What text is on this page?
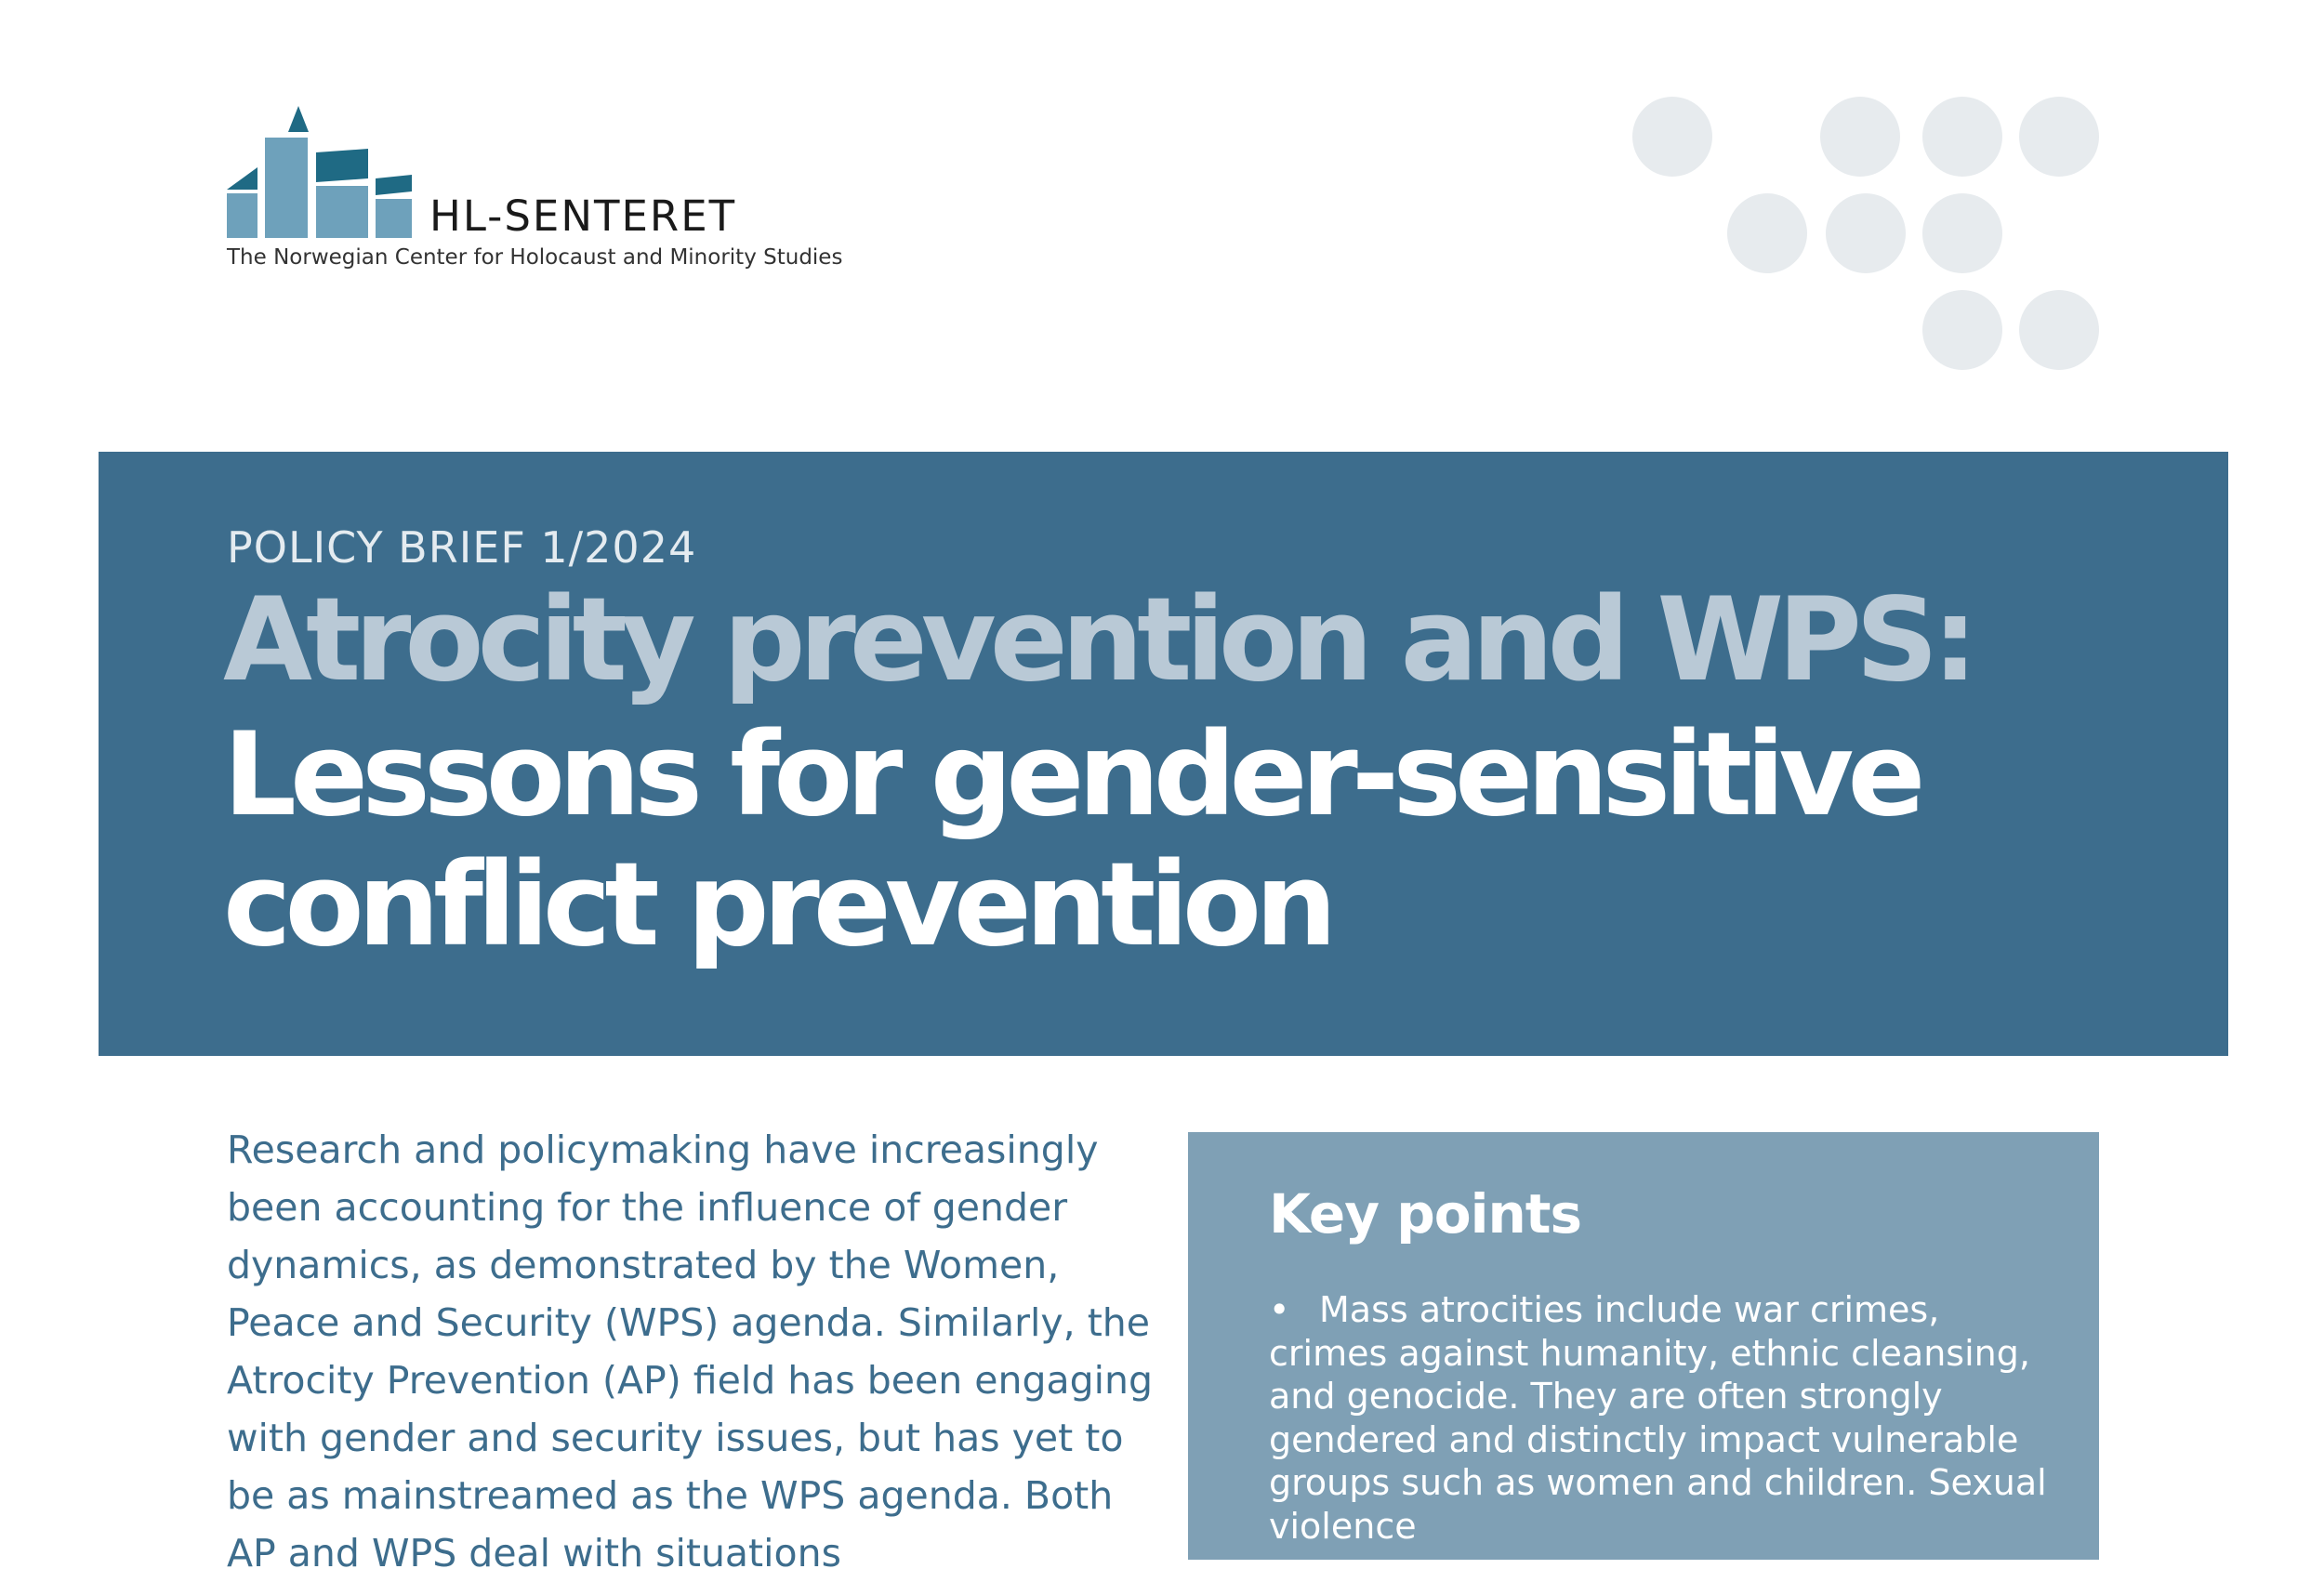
HL-SENTERET
The Norwegian Center for Holocaust and Minority Studies
POLICY BRIEF 1/2024
Atrocity prevention and WPS:
Lessons for gender-sensitive conflict prevention

Research and policymaking have increasingly been accounting for the influence of gender dynamics, as demonstrated by the Women, Peace and Security (WPS) agenda. Similarly, the Atrocity Prevention (AP) field has been engaging with gender and security issues, but has yet to be as mainstreamed as the WPS agenda. Both AP and WPS deal with situations

Key points

• Mass atrocities include war crimes, crimes against humanity, ethnic cleansing, and genocide. They are often strongly gendered and distinctly impact vulnerable groups such as women and children. Sexual violence
